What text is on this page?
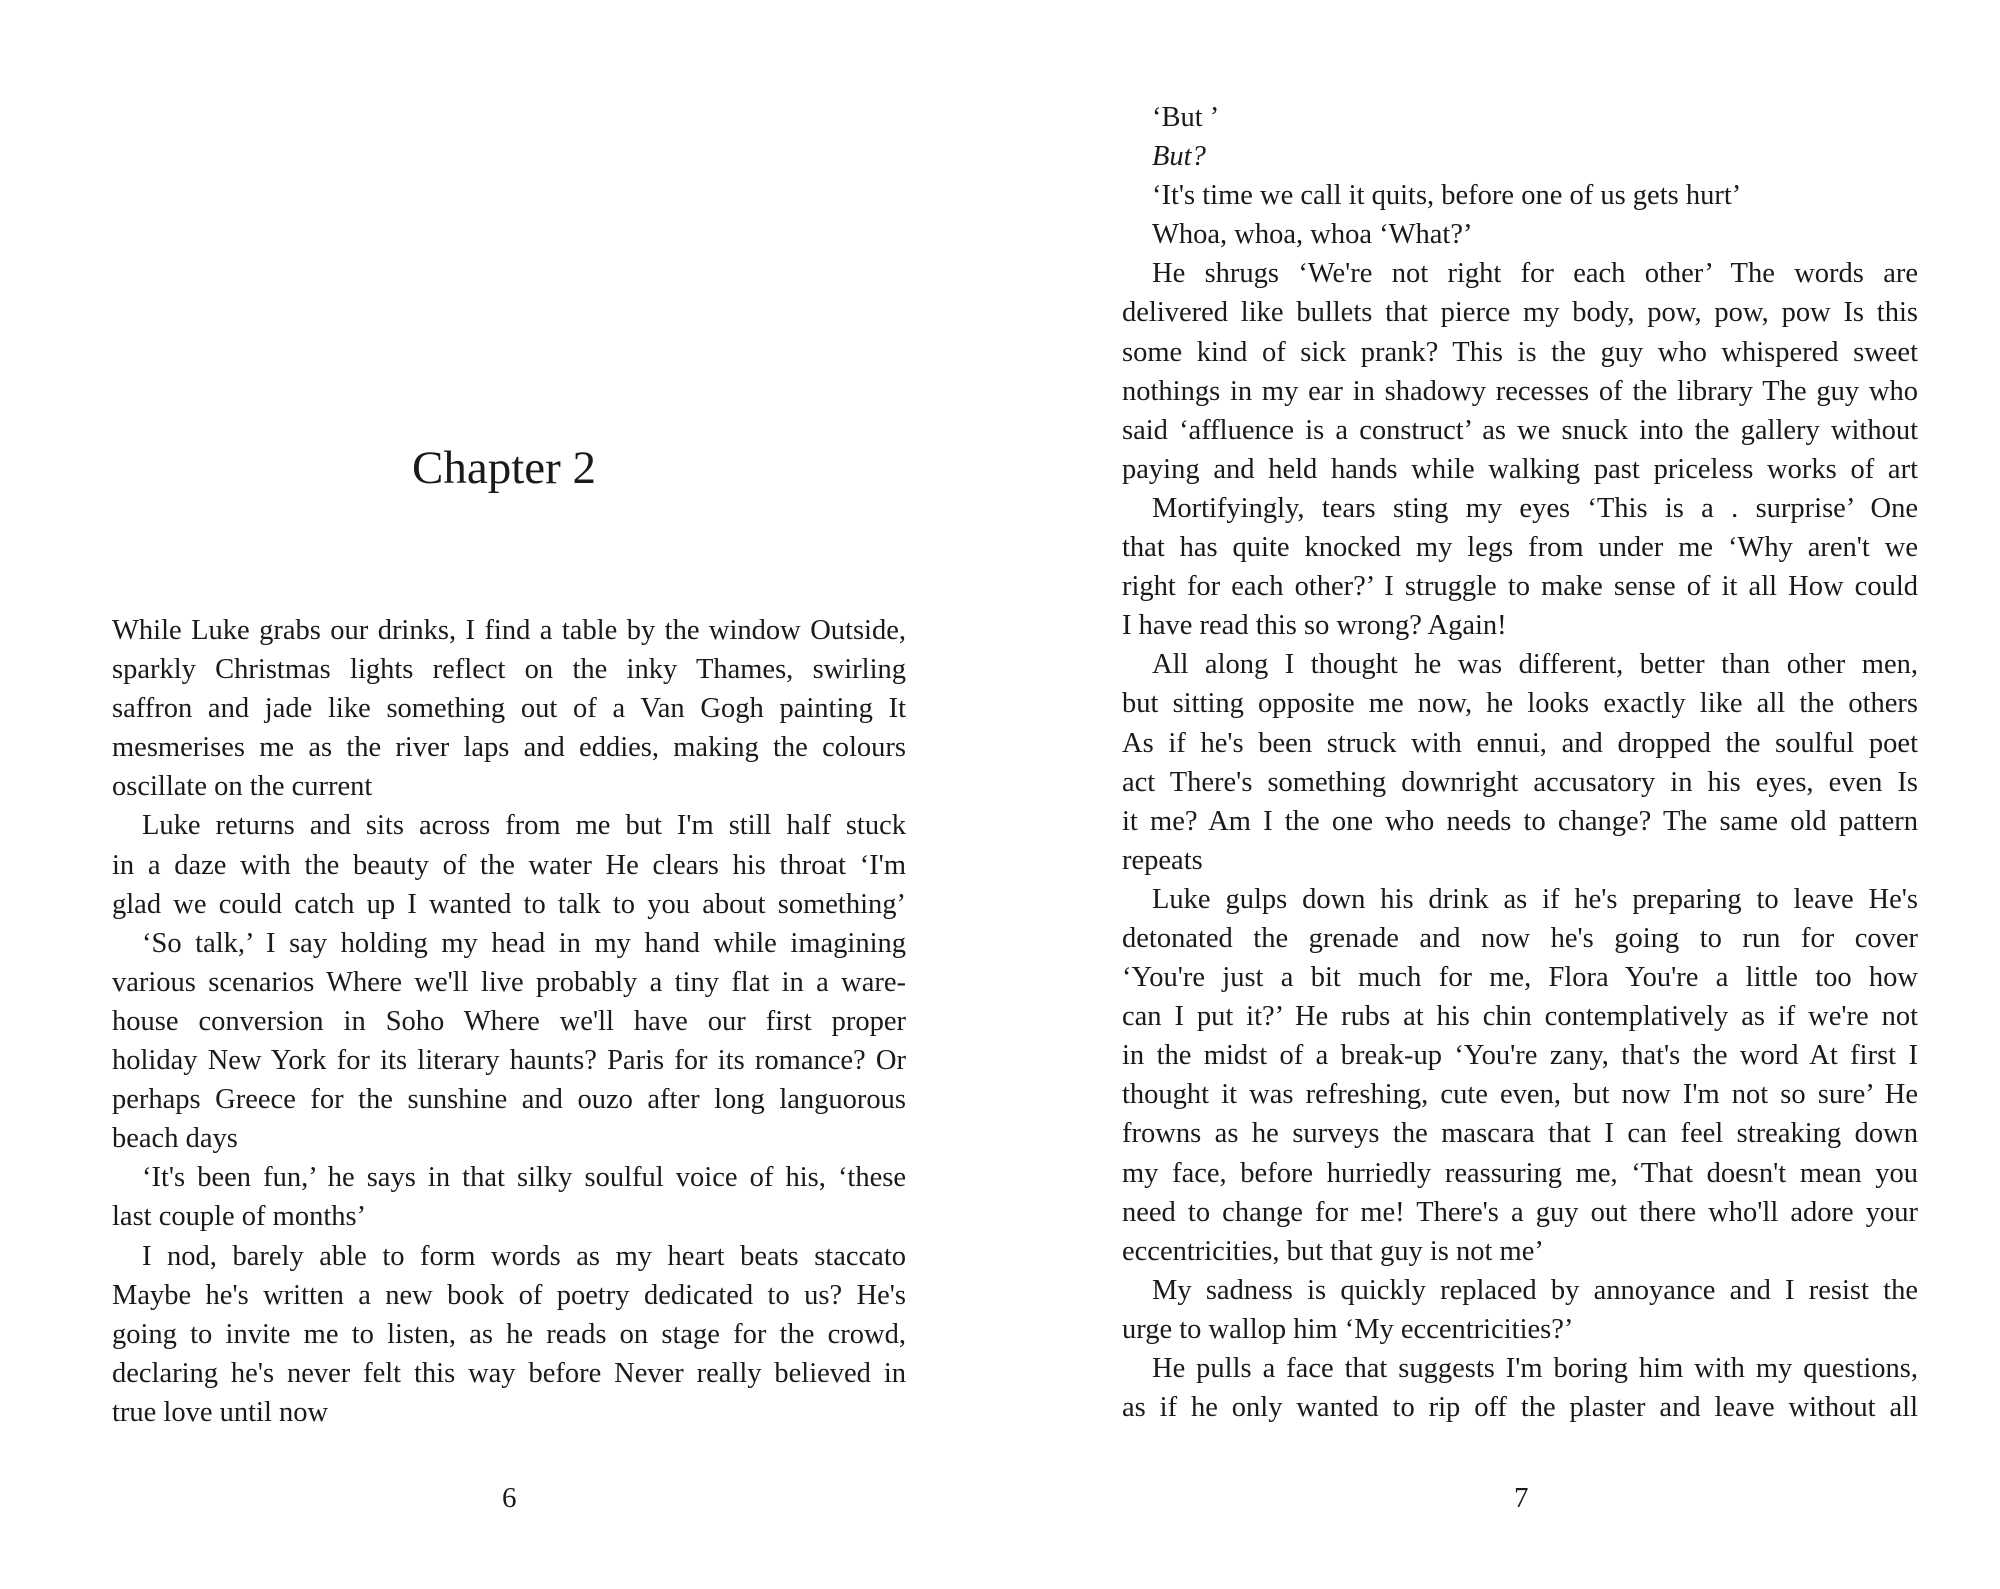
Chapter 2
While Luke grabs our drinks, I find a table by the window Outside,
sparkly Christmas lights reflect on the inky Thames, swirling
saffron and jade like something out of a Van Gogh painting It
mesmerises me as the river laps and eddies, making the colours
oscillate on the current
Luke returns and sits across from me but I'm still half stuck
in a daze with the beauty of the water He clears his throat ‘I'm
glad we could catch up I wanted to talk to you about something’
‘So talk,’ I say holding my head in my hand while imagining
various scenarios Where we'll live probably a tiny flat in a ware-
house conversion in Soho Where we'll have our first proper
holiday New York for its literary haunts? Paris for its romance? Or
perhaps Greece for the sunshine and ouzo after long languorous
beach days
‘It's been fun,’ he says in that silky soulful voice of his, ‘these
last couple of months’
I nod, barely able to form words as my heart beats staccato
Maybe he's written a new book of poetry dedicated to us? He's
going to invite me to listen, as he reads on stage for the crowd,
declaring he's never felt this way before Never really believed in
true love until now
6
‘But ’
But?
‘It's time we call it quits, before one of us gets hurt’
Whoa, whoa, whoa ‘What?’
He shrugs ‘We're not right for each other’ The words are
delivered like bullets that pierce my body, pow, pow, pow Is this
some kind of sick prank? This is the guy who whispered sweet
nothings in my ear in shadowy recesses of the library The guy who
said ‘affluence is a construct’ as we snuck into the gallery without
paying and held hands while walking past priceless works of art
Mortifyingly, tears sting my eyes ‘This is a . surprise’ One
that has quite knocked my legs from under me ‘Why aren't we
right for each other?’ I struggle to make sense of it all How could
I have read this so wrong? Again!
All along I thought he was different, better than other men,
but sitting opposite me now, he looks exactly like all the others
As if he's been struck with ennui, and dropped the soulful poet
act There's something downright accusatory in his eyes, even Is
it me? Am I the one who needs to change? The same old pattern
repeats
Luke gulps down his drink as if he's preparing to leave He's
detonated the grenade and now he's going to run for cover
‘You're just a bit much for me, Flora You're a little too how
can I put it?’ He rubs at his chin contemplatively as if we're not
in the midst of a break-up ‘You're zany, that's the word At first I
thought it was refreshing, cute even, but now I'm not so sure’ He
frowns as he surveys the mascara that I can feel streaking down
my face, before hurriedly reassuring me, ‘That doesn't mean you
need to change for me! There's a guy out there who'll adore your
eccentricities, but that guy is not me’
My sadness is quickly replaced by annoyance and I resist the
urge to wallop him ‘My eccentricities?’
He pulls a face that suggests I'm boring him with my questions,
as if he only wanted to rip off the plaster and leave without all
7
